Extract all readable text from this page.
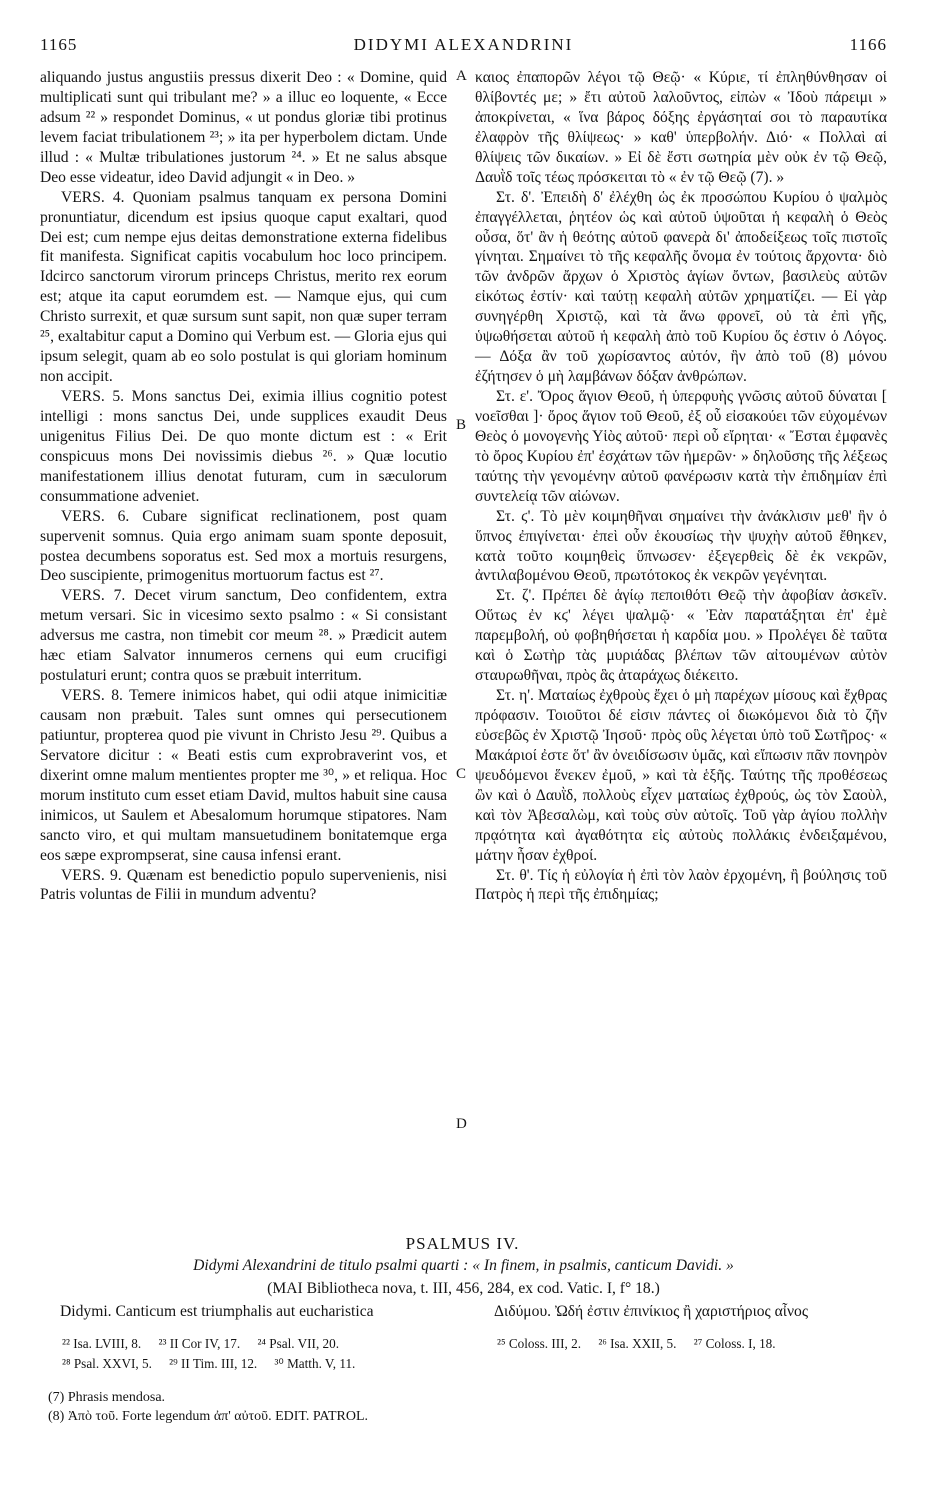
1165	DIDYMI ALEXANDRINI	1166

aliquando justus angustiis pressus dixerit Deo : « Domine, quid multiplicati sunt qui tribulant me? » a illuc eo loquente, « Ecce adsum ²² » respondet Dominus, « ut pondus gloriæ tibi protinus levem faciat tribulationem ²³; » ita per hyperbolem dictam. Unde illud : « Multæ tribulationes justorum ²⁴. » Et ne salus absque Deo esse videatur, ideo David adjungit « in Deo. »

VERS. 4. Quoniam psalmus tanquam ex persona Domini pronuntiatur, dicendum est ipsius quoque caput exaltari, quod Dei est; cum nempe ejus deitas demonstratione externa fidelibus fit manifesta. Significat capitis vocabulum hoc loco principem. Idcirco sanctorum virorum princeps Christus, merito rex eorum est; atque ita caput eorumdem est. — Namque ejus, qui cum Christo surrexit, et quæ sursum sunt sapit, non quæ super terram ²⁵, exaltabitur caput a Domino qui Verbum est. — Gloria ejus qui ipsum selegit, quam ab eo solo postulat is qui gloriam hominum non accipit.

VERS. 5. Mons sanctus Dei, eximia illius cognitio potest intelligi : mons sanctus Dei, unde supplices exaudit Deus unigenitus Filius Dei. De quo monte dictum est : « Erit conspicuus mons Dei novissimis diebus ²⁶. » Quæ locutio manifestationem illius denotat futuram, cum in sæculorum consummatione adveniet.

VERS. 6. Cubare significat reclinationem, post quam supervenit somnus. Quia ergo animam suam sponte deposuit, postea decumbens soporatus est. Sed mox a mortuis resurgens, Deo suscipiente, primogenitus mortuorum factus est ²⁷.

VERS. 7. Decet virum sanctum, Deo confidentem, extra metum versari. Sic in vicesimo sexto psalmo : « Si consistant adversus me castra, non timebit cor meum ²⁸. » Prædicit autem hæc etiam Salvator innumeros cernens qui eum crucifigi postulaturi erunt; contra quos se præbuit interritum.

VERS. 8. Temere inimicos habet, qui odii atque inimicitiæ causam non præbuit. Tales sunt omnes qui persecutionem patiuntur, propterea quod pie vivunt in Christo Jesu ²⁹. Quibus a Servatore dicitur : « Beati estis cum exprobraverint vos, et dixerint omne malum mentientes propter me ³⁰, » et reliqua. Hoc morum instituto cum esset etiam David, multos habuit sine causa inimicos, ut Saulem et Abesalomum horumque stipatores. Nam sancto viro, et qui multam mansuetudinem bonitatemque erga eos sæpe exprompserat, sine causa infensi erant.

VERS. 9. Quænam est benedictio populo supervenienis, nisi Patris voluntas de Filii in mundum adventu?

A
B
C
D

καιος ἐπαπορῶν λέγοι τῷ Θεῷ· « Κύριε, τί ἐπληθύνθησαν οἱ θλίβοντές με; » ἔτι αὐτοῦ λαλοῦντος, εἰπὼν « Ἰδοὺ πάρειμι » ἀποκρίνεται, « ἵνα βάρος δόξης ἐργάσηταί σοι τὸ παραυτίκα ἐλαφρὸν τῆς θλίψεως· » καθ' ὑπερβολήν. Διό· « Πολλαὶ αἱ θλίψεις τῶν δικαίων. » Εἰ δὲ ἔστι σωτηρία μὲν οὐκ ἐν τῷ Θεῷ, Δαυῒδ τοῖς τέως πρόσκειται τὸ « ἐν τῷ Θεῷ (7). »

Στ. δ'. Ἐπειδὴ δ' ἐλέχθη ὡς ἐκ προσώπου Κυρίου ὁ ψαλμὸς ἐπαγγέλλεται, ῥητέον ὡς καὶ αὐτοῦ ὑψοῦται ἡ κεφαλὴ ὁ Θεὸς οὖσα, ὅτ' ἂν ἡ θεότης αὐτοῦ φανερὰ δι' ἀποδείξεως τοῖς πιστοῖς γίνηται. Σημαίνει τὸ τῆς κεφαλῆς ὄνομα ἐν τούτοις ἄρχοντα· διὸ τῶν ἀνδρῶν ἄρχων ὁ Χριστὸς ἁγίων ὄντων, βασιλεὺς αὐτῶν εἰκότως ἐστίν· καὶ ταύτῃ κεφαλὴ αὐτῶν χρηματίζει. — Εἰ γὰρ συνηγέρθη Χριστῷ, καὶ τὰ ἄνω φρονεῖ, οὐ τὰ ἐπὶ γῆς, ὑψωθήσεται αὐτοῦ ἡ κεφαλὴ ἀπὸ τοῦ Κυρίου ὅς ἐστιν ὁ Λόγος. — Δόξα ἂν τοῦ χωρίσαντος αὐτόν, ἣν ἀπὸ τοῦ (8) μόνου ἐζήτησεν ὁ μὴ λαμβάνων δόξαν ἀνθρώπων.

Στ. ε'. Ὄρος ἅγιον Θεοῦ, ἡ ὑπερφυὴς γνῶσις αὐτοῦ δύναται [ νοεῖσθαι ]· ὄρος ἅγιον τοῦ Θεοῦ, ἐξ οὗ εἰσακούει τῶν εὐχομένων Θεὸς ὁ μονογενὴς Υἱὸς αὐτοῦ· περὶ οὗ εἴρηται· « Ἔσται ἐμφανὲς τὸ ὄρος Κυρίου ἐπ' ἐσχάτων τῶν ἡμερῶν· » δηλοῦσης τῆς λέξεως ταύτης τὴν γενομένην αὐτοῦ φανέρωσιν κατὰ τὴν ἐπιδημίαν ἐπὶ συντελείᾳ τῶν αἰώνων.

Στ. ϛ'. Τὸ μὲν κοιμηθῆναι σημαίνει τὴν ἀνάκλισιν μεθ' ἣν ὁ ὕπνος ἐπιγίνεται· ἐπεὶ οὖν ἑκουσίως τὴν ψυχὴν αὐτοῦ ἔθηκεν, κατὰ τοῦτο κοιμηθεὶς ὕπνωσεν· ἐξεγερθεὶς δὲ ἐκ νεκρῶν, ἀντιλαβομένου Θεοῦ, πρωτότοκος ἐκ νεκρῶν γεγένηται.

Στ. ζ'. Πρέπει δὲ ἁγίῳ πεποιθότι Θεῷ τὴν ἀφοβίαν ἀσκεῖν. Οὕτως ἐν κϛ' λέγει ψαλμῷ· « Ἐὰν παρατάξηται ἐπ' ἐμὲ παρεμβολή, οὐ φοβηθήσεται ἡ καρδία μου. » Προλέγει δὲ ταῦτα καὶ ὁ Σωτὴρ τὰς μυριάδας βλέπων τῶν αἰτουμένων αὐτὸν σταυρωθῆναι, πρὸς ἃς ἀταράχως διέκειτο.

Στ. η'. Ματαίως ἐχθροὺς ἔχει ὁ μὴ παρέχων μίσους καὶ ἔχθρας πρόφασιν. Τοιοῦτοι δέ εἰσιν πάντες οἱ διωκόμενοι διὰ τὸ ζῆν εὐσεβῶς ἐν Χριστῷ Ἰησοῦ· πρὸς οὓς λέγεται ὑπὸ τοῦ Σωτῆρος· « Μακάριοί ἐστε ὅτ' ἂν ὀνειδίσωσιν ὑμᾶς, καὶ εἴπωσιν πᾶν πονηρὸν ψευδόμενοι ἕνεκεν ἐμοῦ, » καὶ τὰ ἑξῆς. Ταύτης τῆς προθέσεως ὢν καὶ ὁ Δαυῒδ, πολλοὺς εἶχεν ματαίως ἐχθρούς, ὡς τὸν Σαοὺλ, καὶ τὸν Ἀβεσαλὼμ, καὶ τοὺς σὺν αὐτοῖς. Τοῦ γὰρ ἁγίου πολλὴν πρᾳότητα καὶ ἀγαθότητα εἰς αὐτοὺς πολλάκις ἐνδειξαμένου, μάτην ἦσαν ἐχθροί.

Στ. θ'. Τίς ἡ εὐλογία ἡ ἐπὶ τὸν λαὸν ἐρχομένη, ἢ βούλησις τοῦ Πατρὸς ἡ περὶ τῆς ἐπιδημίας;

PSALMUS IV.
Didymi Alexandrini de titulo psalmi quarti : « In finem, in psalmis, canticum Davidi. »
(MAI Bibliotheca nova, t. III, 456, 284, ex cod. Vatic. I, f° 18.)
Didymi. Canticum est triumphalis aut eucharistica	Διδύμου. Ὠδή ἐστιν ἐπινίκιος ἢ χαριστήριος αἶνος
²² Isa. LVIII, 8. ²³ II Cor IV, 17. ²⁴ Psal. VII, 20.
²⁸ Psal. XXVI, 5. ²⁹ II Tim. III, 12. ³⁰ Matth. V, 11.
²⁵ Coloss. III, 2. ²⁶ Isa. XXII, 5. ²⁷ Coloss. I, 18.
(7) Phrasis mendosa.
(8) Ἀπὸ τοῦ. Forte legendum ἀπ' αὐτοῦ. EDIT. PATROL.
